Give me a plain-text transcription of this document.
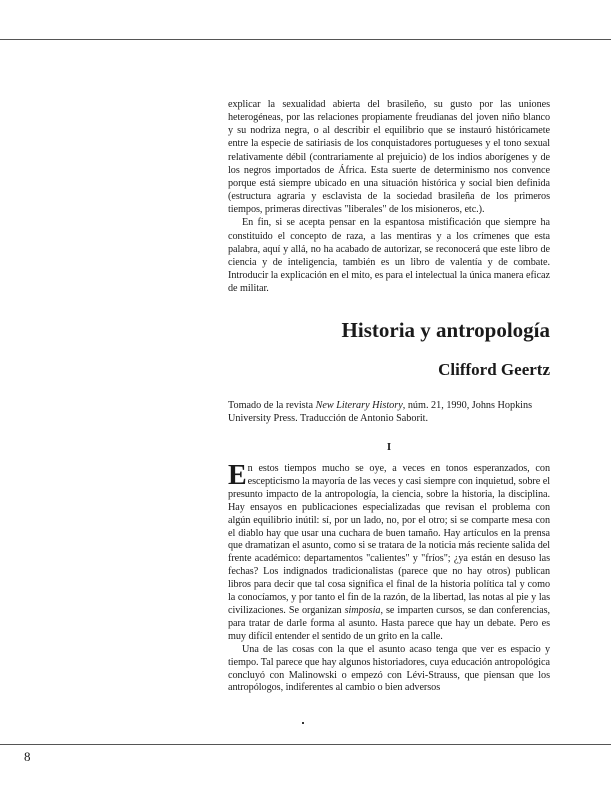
explicar la sexualidad abierta del brasileño, su gusto por las uniones heterogéneas, por las relaciones propiamente freudianas del joven niño blanco y su nodriza negra, o al describir el equilibrio que se instauró históricamete entre la especie de satiriasis de los conquistadores portugueses y el tono sexual relativamente débil (contrariamente al prejuicio) de los indios aborígenes y de los negros importados de África. Esta suerte de determinismo nos convence porque está siempre ubicado en una situación histórica y social bien definida (estructura agraria y esclavista de la sociedad brasileña de los primeros tiempos, primeras directivas "liberales" de los misioneros, etc.).

En fin, si se acepta pensar en la espantosa mistificación que siempre ha constituido el concepto de raza, a las mentiras y a los crímenes que esta palabra, aquí y allá, no ha acabado de autorizar, se reconocerá que este libro de ciencia y de inteligencia, también es un libro de valentía y de combate. Introducir la explicación en el mito, es para el intelectual la única manera eficaz de militar.

Historia y antropología
Clifford Geertz

Tomado de la revista New Literary History, núm. 21, 1990, Johns Hopkins University Press. Traducción de Antonio Saborit.

I

En estos tiempos mucho se oye, a veces en tonos esperanzados, con escepticismo la mayoría de las veces y casi siempre con inquietud, sobre el presunto impacto de la antropología, la ciencia, sobre la historia, la disciplina. Hay ensayos en publicaciones especializadas que revisan el problema con algún equilibrio inútil: sí, por un lado, no, por el otro; si se comparte mesa con el diablo hay que usar una cuchara de buen tamaño. Hay artículos en la prensa que dramatizan el asunto, como si se tratara de la noticia más reciente salida del frente académico: departamentos "calientes" y "fríos"; ¿ya están en desuso las fechas? Los indignados tradicionalistas (parece que no hay otros) publican libros para decir que tal cosa significa el final de la historia política tal y como la conocíamos, y por tanto el fin de la razón, de la libertad, las notas al pie y las civilizaciones. Se organizan simposia, se imparten cursos, se dan conferencias, para tratar de darle forma al asunto. Hasta parece que hay un debate. Pero es muy difícil entender el sentido de un grito en la calle.

Una de las cosas con la que el asunto acaso tenga que ver es espacio y tiempo. Tal parece que hay algunos historiadores, cuya educación antropológica concluyó con Malinowski o empezó con Lévi-Strauss, que piensan que los antropólogos, indiferentes al cambio o bien adversos

8
